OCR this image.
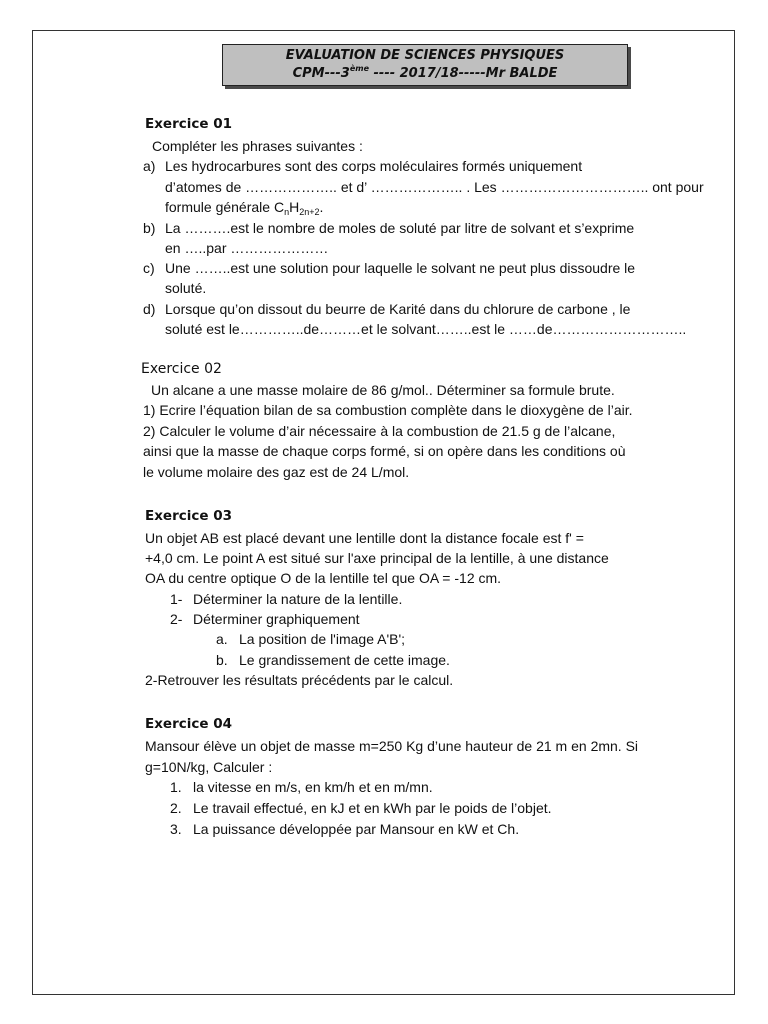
EVALUATION DE SCIENCES PHYSIQUES
CPM---3ème ---- 2017/18-----Mr BALDE
Exercice 01
Compléter les phrases suivantes :
a) Les hydrocarbures sont des corps moléculaires formés uniquement
d’atomes de ……………….. et d’ ……………….. . Les ………………………….. ont pour
formule générale $C_nH_{2n+2}$.
b) La ……….est le nombre de moles de soluté par litre de solvant et s’exprime
en …..par …………………
c) Une ……..est une solution pour laquelle le solvant ne peut plus dissoudre le
soluté.
d) Lorsque qu’on dissout du beurre de Karité dans du chlorure de carbone , le
soluté est le…………..de………et le solvant……..est le ……de………………………..
Exercice 02
Un alcane a une masse molaire de 86 g/mol.. Déterminer sa formule brute.
1) Ecrire l’équation bilan de sa combustion complète dans le dioxygène de l’air.
2) Calculer le volume d’air nécessaire à la combustion de 21.5 g de l’alcane,
ainsi que la masse de chaque corps formé, si on opère dans les conditions où
le volume molaire des gaz est de 24 L/mol.
Exercice 03
Un objet AB est placé devant une lentille dont la distance focale est f' =
+4,0 cm. Le point A est situé sur l'axe principal de la lentille, à une distance
OA du centre optique O de la lentille tel que OA = -12 cm.
1- Déterminer la nature de la lentille.
2- Déterminer graphiquement
a. La position de l'image A'B';
b. Le grandissement de cette image.
2-Retrouver les résultats précédents par le calcul.
Exercice 04
Mansour élève un objet de masse m=250 Kg d’une hauteur de 21 m en 2mn. Si
g=10N/kg, Calculer :
1. la vitesse en m/s, en km/h et en m/mn.
2. Le travail effectué, en kJ et en kWh par le poids de l’objet.
3. La puissance développée par Mansour en kW et Ch.
